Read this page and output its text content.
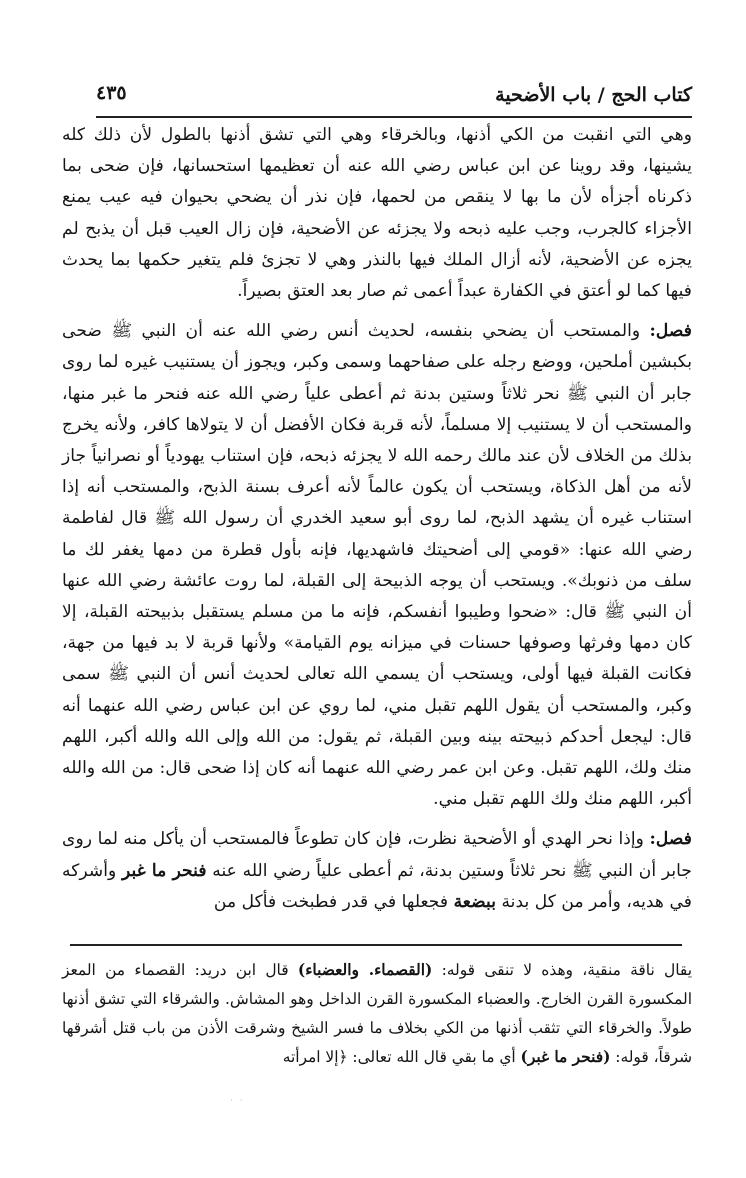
كتاب الحج / باب الأضحية
٤٣٥

وهي التي انقبت من الكي أذنها، وبالخرقاء وهي التي تشق أذنها بالطول لأن ذلك كله يشينها، وقد روينا عن ابن عباس رضي الله عنه أن تعظيمها استحسانها، فإن ضحى بما ذكرناه أجزأه لأن ما بها لا ينقص من لحمها، فإن نذر أن يضحي بحيوان فيه عيب يمنع الأجزاء كالجرب، وجب عليه ذبحه ولا يجزئه عن الأضحية، فإن زال العيب قبل أن يذبح لم يجزه عن الأضحية، لأنه أزال الملك فيها بالنذر وهي لا تجزئ فلم يتغير حكمها بما يحدث فيها كما لو أعتق في الكفارة عبداً أعمى ثم صار بعد العتق بصيراً.

فصل: والمستحب أن يضحي بنفسه، لحديث أنس رضي الله عنه أن النبي ﷺ ضحى بكبشين أملحين، ووضع رجله على صفاحهما وسمى وكبر، ويجوز أن يستنيب غيره لما روى جابر أن النبي ﷺ نحر ثلاثاً وستين بدنة ثم أعطى علياً رضي الله عنه فنحر ما غبر منها، والمستحب أن لا يستنيب إلا مسلماً، لأنه قربة فكان الأفضل أن لا يتولاها كافر، ولأنه يخرج بذلك من الخلاف لأن عند مالك رحمه الله لا يجزئه ذبحه، فإن استناب يهودياً أو نصرانياً جاز لأنه من أهل الذكاة، ويستحب أن يكون عالماً لأنه أعرف بسنة الذبح، والمستحب أنه إذا استناب غيره أن يشهد الذبح، لما روى أبو سعيد الخدري أن رسول الله ﷺ قال لفاطمة رضي الله عنها: «قومي إلى أضحيتك فاشهديها، فإنه بأول قطرة من دمها يغفر لك ما سلف من ذنوبك». ويستحب أن يوجه الذبيحة إلى القبلة، لما روت عائشة رضي الله عنها أن النبي ﷺ قال: «ضحوا وطيبوا أنفسكم، فإنه ما من مسلم يستقبل بذبيحته القبلة، إلا كان دمها وفرثها وصوفها حسنات في ميزانه يوم القيامة» ولأنها قربة لا بد فيها من جهة، فكانت القبلة فيها أولى، ويستحب أن يسمي الله تعالى لحديث أنس أن النبي ﷺ سمى وكبر، والمستحب أن يقول اللهم تقبل مني، لما روي عن ابن عباس رضي الله عنهما أنه قال: ليجعل أحدكم ذبيحته بينه وبين القبلة، ثم يقول: من الله وإلى الله والله أكبر، اللهم منك ولك، اللهم تقبل. وعن ابن عمر رضي الله عنهما أنه كان إذا ضحى قال: من الله والله أكبر، اللهم منك ولك اللهم تقبل مني.

فصل: وإذا نحر الهدي أو الأضحية نظرت، فإن كان تطوعاً فالمستحب أن يأكل منه لما روى جابر أن النبي ﷺ نحر ثلاثاً وستين بدنة، ثم أعطى علياً رضي الله عنه فنحر ما غبر وأشركه في هديه، وأمر من كل بدنة ببضعة فجعلها في قدر فطبخت فأكل من

يقال ناقة منقية، وهذه لا تنقى قوله: (القصماء. والعضباء) قال ابن دريد: القصماء من المعز المكسورة القرن الخارج. والعضباء المكسورة القرن الداخل وهو المشاش. والشرقاء التي تشق أذنها طولاً. والخرقاء التي تثقب أذنها من الكي بخلاف ما فسر الشيخ وشرقت الأذن من باب قتل أشرقها شرقاً، قوله: (فنحر ما غبر) أي ما بقي قال الله تعالى: ﴿إلا امرأته

· ·
